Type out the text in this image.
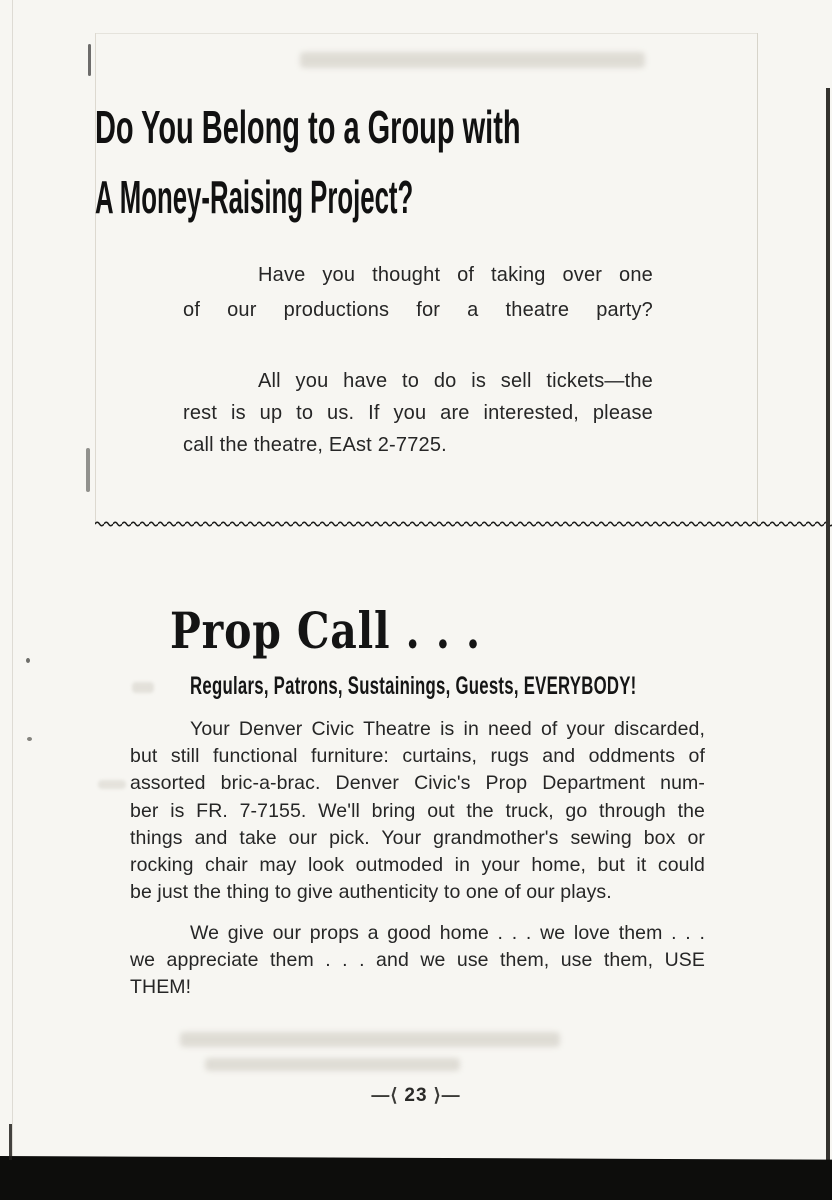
Do You Belong to a Group with
A Money-Raising Project?
Have you thought of taking over one
of our productions for a theatre party?
All you have to do is sell tickets—the
rest is up to us. If you are interested, please
call the theatre, EAst 2-7725.
Prop Call . . .
Regulars, Patrons, Sustainings, Guests, EVERYBODY!
Your Denver Civic Theatre is in need of your discarded,
but still functional furniture: curtains, rugs and oddments of
assorted bric-a-brac. Denver Civic's Prop Department num-
ber is FR. 7-7155. We'll bring out the truck, go through the
things and take our pick. Your grandmother's sewing box or
rocking chair may look outmoded in your home, but it could
be just the thing to give authenticity to one of our plays.
We give our props a good home . . . we love them . . .
we appreciate them . . . and we use them, use them, USE
THEM!
—⟨ 23 ⟩—
